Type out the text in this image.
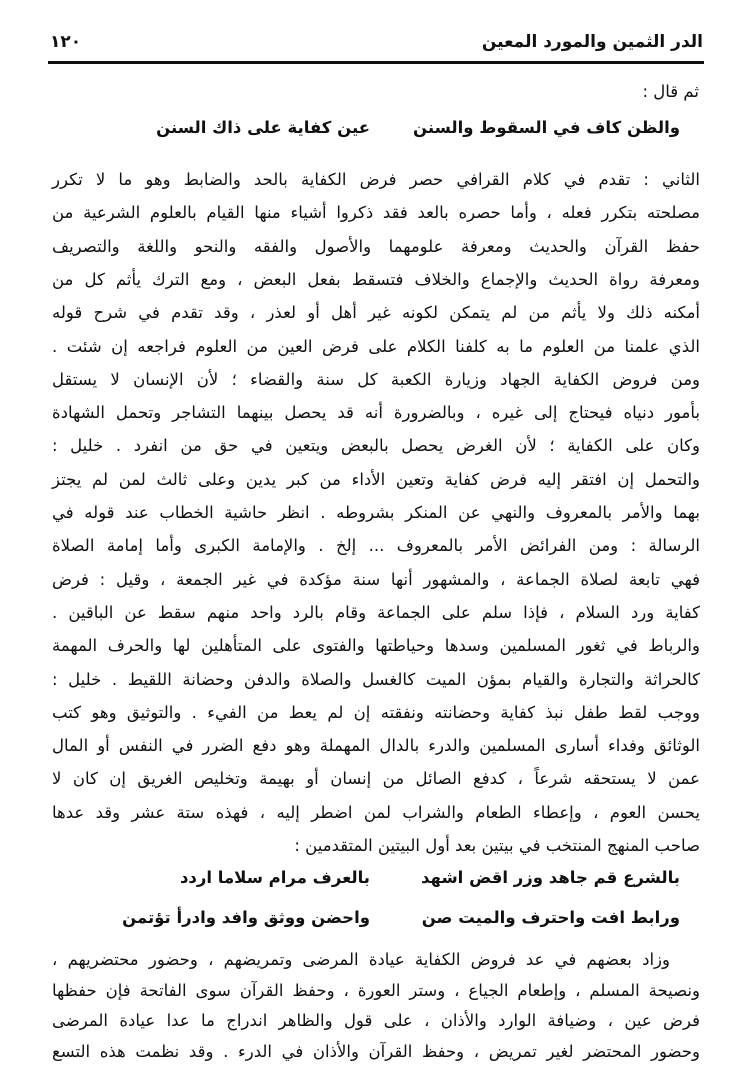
١٢٠	الدر الثمين والمورد المعين
ثم قال :
والظن كاف في السقوط والسنن
عين كفاية على ذاك السنن
الثاني : تقدم في كلام القرافي حصر فرض الكفاية بالحد والضابط وهو ما لا تكرر
مصلحته بتكرر فعله ، وأما حصره بالعد فقد ذكروا أشياء منها القيام بالعلوم الشرعية من
حفظ القرآن والحديث ومعرفة علومهما والأصول والفقه والنحو واللغة والتصريف
ومعرفة رواة الحديث والإجماع والخلاف فتسقط بفعل البعض ، ومع الترك يأثم كل من
أمكنه ذلك ولا يأثم من لم يتمكن لكونه غير أهل أو لعذر ، وقد تقدم في شرح قوله
الذي علمنا من العلوم ما به كلفنا الكلام على فرض العين من العلوم فراجعه إن شئت .
ومن فروض الكفاية الجهاد وزيارة الكعبة كل سنة والقضاء ؛ لأن الإنسان لا يستقل
بأمور دنياه فيحتاج إلى غيره ، وبالضرورة أنه قد يحصل بينهما التشاجر وتحمل الشهادة
وكان على الكفاية ؛ لأن الغرض يحصل بالبعض ويتعين في حق من انفرد . خليل :
والتحمل إن افتقر إليه فرض كفاية وتعين الأداء من كبر يدين وعلى ثالث لمن لم يجتز
بهما والأمر بالمعروف والنهي عن المنكر بشروطه . انظر حاشية الخطاب عند قوله في
الرسالة : ومن الفرائض الأمر بالمعروف ... إلخ . والإمامة الكبرى وأما إمامة الصلاة
فهي تابعة لصلاة الجماعة ، والمشهور أنها سنة مؤكدة في غير الجمعة ، وقيل : فرض
كفاية ورد السلام ، فإذا سلم على الجماعة وقام بالرد واحد منهم سقط عن الباقين .
والرباط في ثغور المسلمين وسدها وحياطتها والفتوى على المتأهلين لها والحرف المهمة
كالحراثة والتجارة والقيام بمؤن الميت كالغسل والصلاة والدفن وحضانة اللقيط . خليل :
ووجب لقط طفل نبذ كفاية وحضانته ونفقته إن لم يعط من الفيء . والتوثيق وهو كتب
الوثائق وفداء أسارى المسلمين والدرء بالدال المهملة وهو دفع الضرر في النفس أو المال
عمن لا يستحقه شرعاً ، كدفع الصائل من إنسان أو بهيمة وتخليص الغريق إن كان لا
يحسن العوم ، وإعطاء الطعام والشراب لمن اضطر إليه ، فهذه ستة عشر وقد عدها
صاحب المنهج المنتخب في بيتين بعد أول البيتين المتقدمين :
بالشرع قم جاهد وزر اقض اشهد
بالعرف مرام سلاما اردد
ورابط افت واحترف والميت صن
واحضن ووثق وافد وادرأ تؤتمن
وزاد بعضهم في عد فروض الكفاية عيادة المرضى وتمريضهم ، وحضور محتضريهم ،
ونصيحة المسلم ، وإطعام الجياع ، وستر العورة ، وحفظ القرآن سوى الفاتحة فإن حفظها
فرض عين ، وضيافة الوارد والأذان ، على قول والظاهر اندراج ما عدا عيادة المرضى
وحضور المحتضر لغير تمريض ، وحفظ القرآن والأذان في الدرء . وقد نظمت هذه التسع
